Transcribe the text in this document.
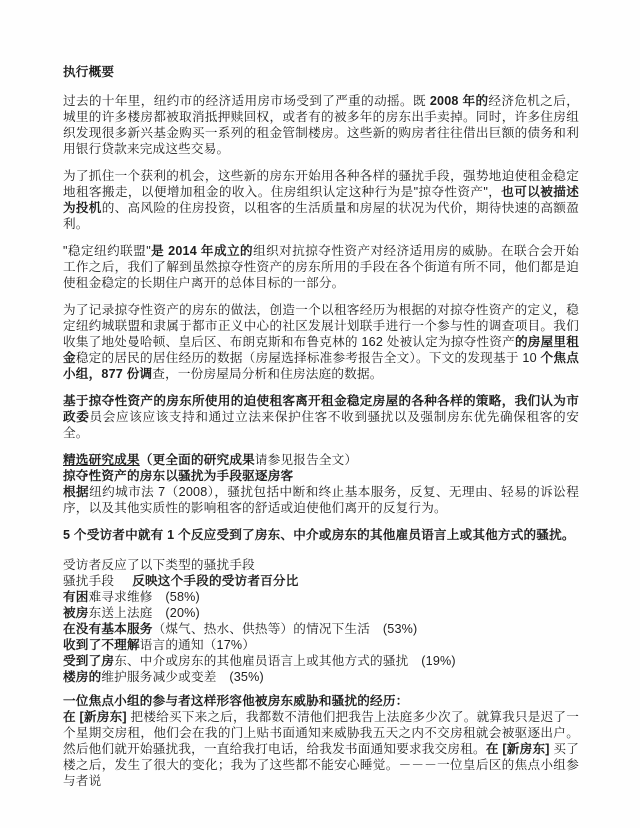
执行概要

过去的十年里，纽约市的经济适用房市场受到了严重的动摇。既 2008 年的经济危机之后，城里的许多楼房都被取消抵押赎回权，或者有的被多年的房东出手卖掉。同时，许多住房组织发现很多新兴基金购买一系列的租金管制楼房。这些新的购房者往往借出巨额的债务和利用银行贷款来完成这些交易。

为了抓住一个获利的机会，这些新的房东开始用各种各样的骚扰手段，强势地迫使租金稳定地租客搬走，以便增加租金的收入。住房组织认定这种行为是"掠夺性资产"，也可以被描述为投机的、高风险的住房投资，以租客的生活质量和房屋的状况为代价，期待快速的高额盈利。

"稳定纽约联盟"是 2014 年成立的组织对抗掠夺性资产对经济适用房的威胁。在联合会开始工作之后，我们了解到虽然掠夺性资产的房东所用的手段在各个街道有所不同，他们都是迫使租金稳定的长期住户离开的总体目标的一部分。

为了记录掠夺性资产的房东的做法，创造一个以租客经历为根据的对掠夺性资产的定义，稳定纽约城联盟和隶属于都市正义中心的社区发展计划联手进行一个参与性的调查项目。我们收集了地处曼哈顿、皇后区、布朗克斯和布鲁克林的 162 处被认定为掠夺性资产的房屋里租金稳定的居民的居住经历的数据（房屋选择标准参考报告全文）。下文的发现基于 10 个焦点小组，877 份调查，一份房屋局分析和住房法庭的数据。

基于掠夺性资产的房东所使用的迫使租客离开租金稳定房屋的各种各样的策略，我们认为市政委员会应该应该支持和通过立法来保护住客不收到骚扰以及强制房东优先确保租客的安全。

精选研究成果（更全面的研究成果请参见报告全文）

掠夺性资产的房东以骚扰为手段驱逐房客

根据纽约城市法 7（2008），骚扰包括中断和终止基本服务，反复、无理由、轻易的诉讼程序，以及其他实质性的影响租客的舒适或迫使他们离开的反复行为。

5 个受访者中就有 1 个反应受到了房东、中介或房东的其他雇员语言上或其他方式的骚扰。

受访者反应了以下类型的骚扰手段
骚扰手段 反映这个手段的受访者百分比
有困难寻求维修　(58%)
被房东送上法庭　(20%)
在没有基本服务（煤气、热水、供热等）的情况下生活　(53%)
收到了不理解语言的通知（17%）
受到了房东、中介或房东的其他雇员语言上或其他方式的骚扰　(19%)
楼房的维护服务减少或变差　(35%)

一位焦点小组的参与者这样形容他被房东威胁和骚扰的经历：

在 [新房东] 把楼给买下来之后，我都数不清他们把我告上法庭多少次了。就算我只是迟了一个星期交房租，他们会在我的门上贴书面通知来威胁我五天之内不交房租就会被驱逐出户。然后他们就开始骚扰我，一直给我打电话，给我发书面通知要求我交房租。在 [新房东] 买了楼之后，发生了很大的变化；我为了这些都不能安心睡觉。－－－一位皇后区的焦点小组参与者说
